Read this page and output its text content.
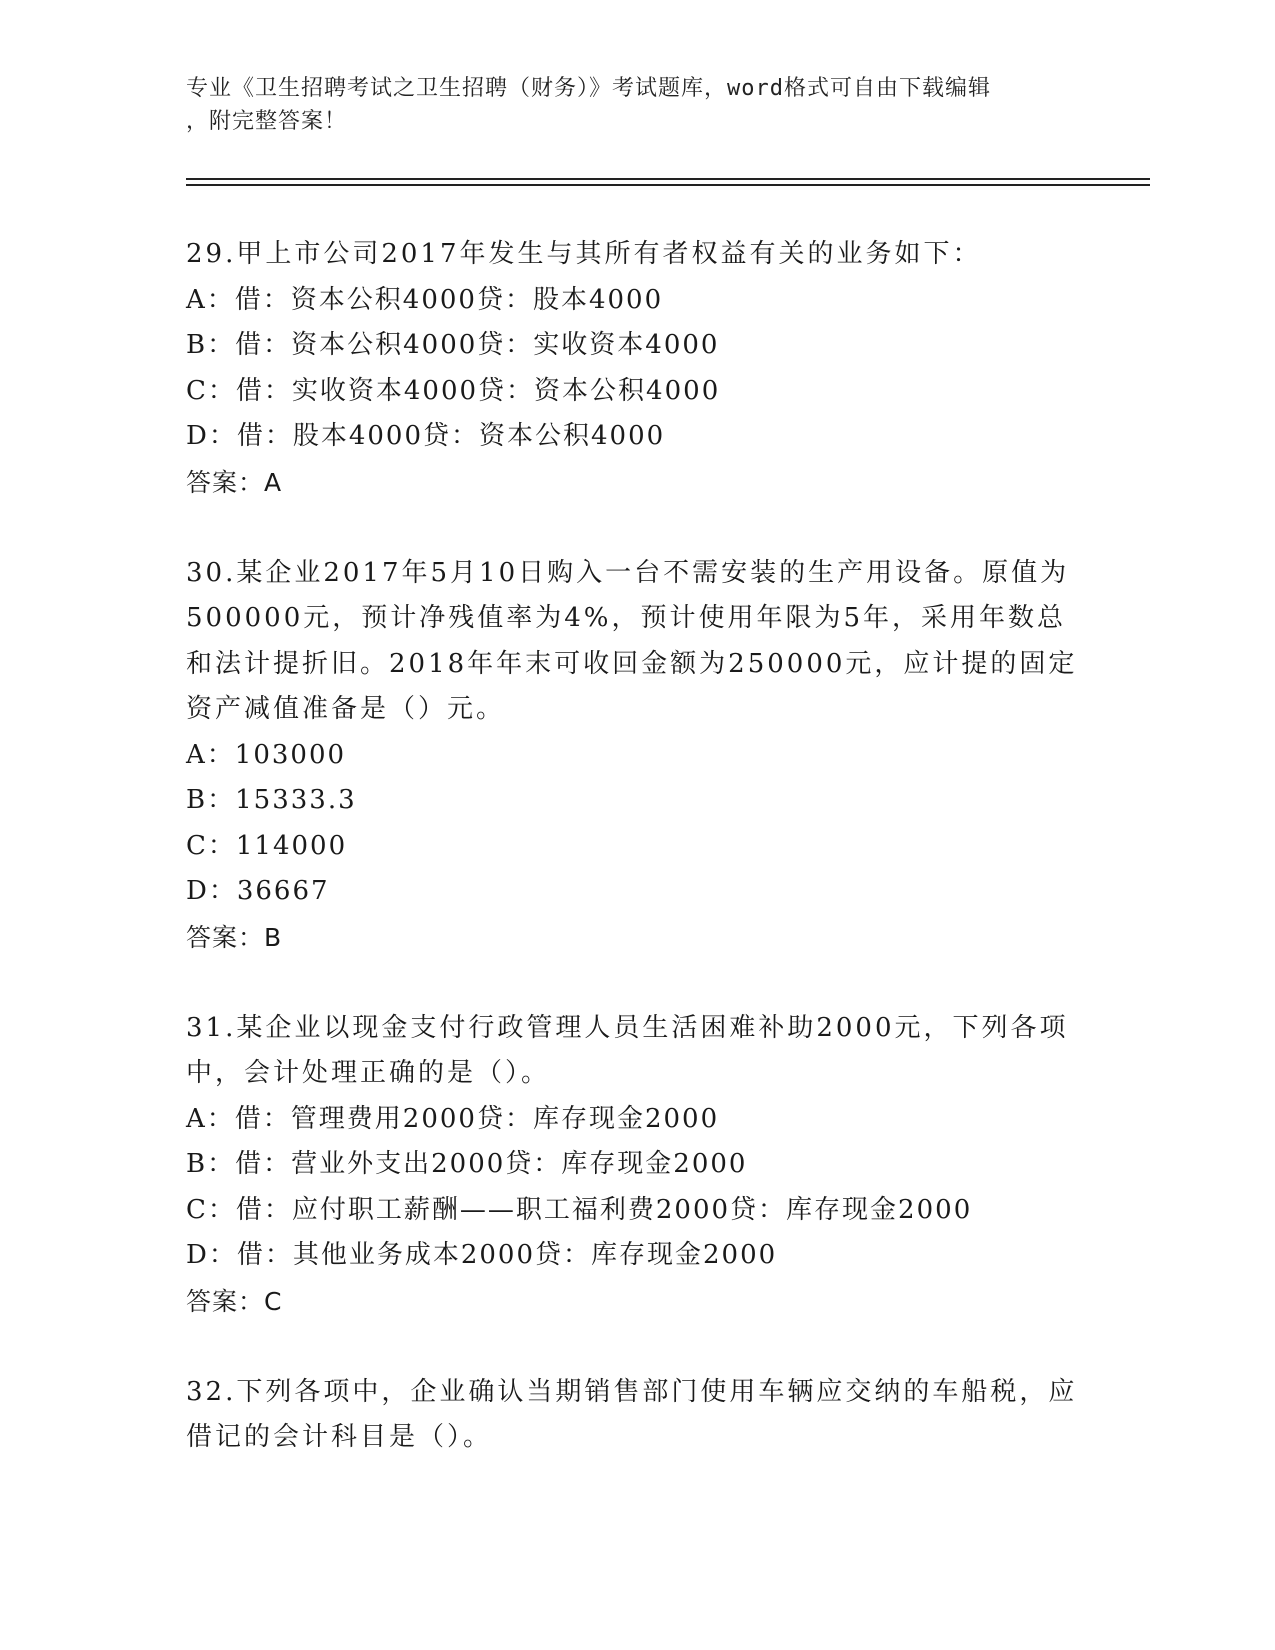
专业《卫生招聘考试之卫生招聘（财务）》考试题库，word格式可自由下载编辑
，附完整答案！
29.甲上市公司2017年发生与其所有者权益有关的业务如下：
A：借：资本公积4000贷：股本4000
B：借：资本公积4000贷：实收资本4000
C：借：实收资本4000贷：资本公积4000
D：借：股本4000贷：资本公积4000
答案：A
30.某企业2017年5月10日购入一台不需安装的生产用设备。原值为500000元，预计净残值率为4%，预计使用年限为5年，采用年数总和法计提折旧。2018年年末可收回金额为250000元，应计提的固定资产减值准备是（）元。
A：103000
B：15333.3
C：114000
D：36667
答案：B
31.某企业以现金支付行政管理人员生活困难补助2000元，下列各项中，会计处理正确的是（）。
A：借：管理费用2000贷：库存现金2000
B：借：营业外支出2000贷：库存现金2000
C：借：应付职工薪酬——职工福利费2000贷：库存现金2000
D：借：其他业务成本2000贷：库存现金2000
答案：C
32.下列各项中，企业确认当期销售部门使用车辆应交纳的车船税，应借记的会计科目是（）。
